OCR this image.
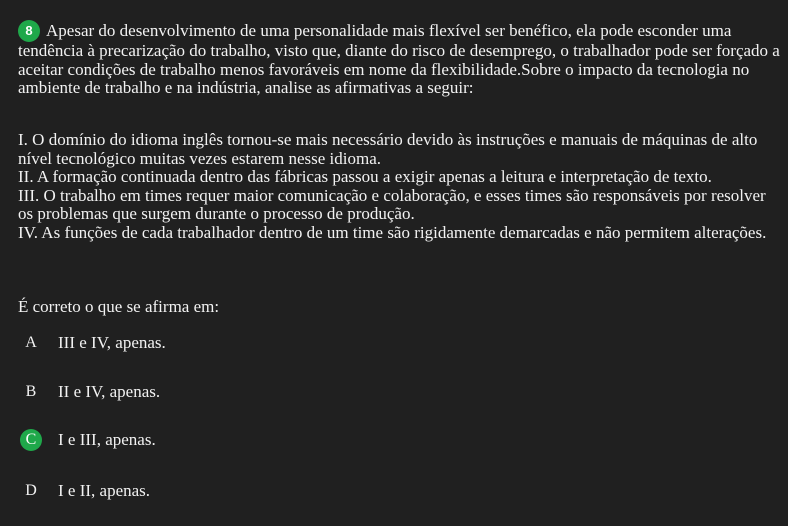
8 Apesar do desenvolvimento de uma personalidade mais flexível ser benéfico, ela pode esconder uma tendência à precarização do trabalho, visto que, diante do risco de desemprego, o trabalhador pode ser forçado a aceitar condições de trabalho menos favoráveis em nome da flexibilidade.Sobre o impacto da tecnologia no ambiente de trabalho e na indústria, analise as afirmativas a seguir:

I. O domínio do idioma inglês tornou-se mais necessário devido às instruções e manuais de máquinas de alto nível tecnológico muitas vezes estarem nesse idioma.

II. A formação continuada dentro das fábricas passou a exigir apenas a leitura e interpretação de texto.

III. O trabalho em times requer maior comunicação e colaboração, e esses times são responsáveis por resolver os problemas que surgem durante o processo de produção.

IV. As funções de cada trabalhador dentro de um time são rigidamente demarcadas e não permitem alterações.

É correto o que se afirma em:
A	III e IV, apenas.
B	II e IV, apenas.
C	I e III, apenas.
D	I e II, apenas.
